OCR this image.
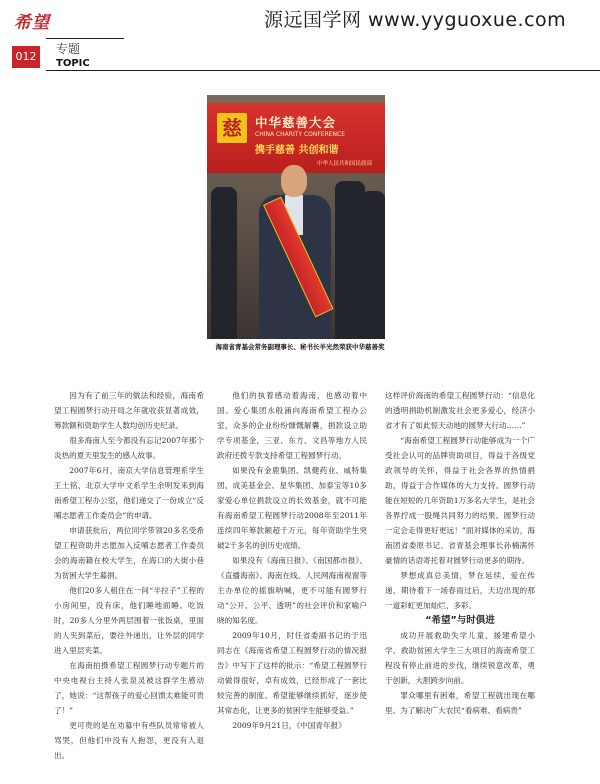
希望
012
专题
TOPIC
源远国学网 www.yyguoxue.com
慈	中华慈善大会
CHINA CHARITY CONFERENCE
携手慈善 共创和谐
中华人民共和国民政部
海南省青基会常务副理事长、秘书长羊光然荣获中华慈善奖

因为有了前三年的做法和经验，海南希望工程圆梦行动开局之年就收获显著成效，筹款额和资助学生人数均创历史纪录。

很多海南人至今都没有忘记2007年那个炎热的夏天里发生的感人故事。

2007年6月，南京大学信息管理系学生王土铭、北京大学中文系学生余明发来到海南希望工程办公室，他们递交了一份成立“反哺志愿者工作委员会”的申请。

申请获批后，两位同学带领20多名受希望工程资助并志愿加入反哺志愿者工作委员会的海南籍在校大学生，在海口的大街小巷为贫困大学生募捐。

他们20多人租住在一间“半拉子”工程的小房间里，没有床，他们睡地面睡。吃饭时，20多人分里外两层围着一张饭桌，里面的人夹到菜后，要往外递出，让外层的同学进入里层夹菜。

在海南拍摄希望工程圆梦行动专题片的中央电视台主持人张泉灵被这群学生感动了，她说：“这帮孩子的爱心回馈太难能可贵了！”

更可贵的是在劝募中有些队员常常被人骂哭，但他们中没有人抱怨，更没有人退出。

他们的执着感动着海南，也感动着中国。爱心集团永般涌向海南希望工程办公室，众多的企业纷纷慷慨解囊，捐款设立助学专项基金，三亚、东方、文昌等地方人民政府还拨专款支持希望工程圆梦行动。

如果没有金鹿集团、凯健药业、威特集团、成美基金会、星华集团、加泰宝等10多家爱心单位捐款设立的长效基金，就不可能有海南希望工程圆梦行动2008年至2011年连续四年筹款额超千万元，每年资助学生突破2千多名的创历史成绩。

如果没有《海南日报》、《南国都市报》、《直播海南》、海南在线、人民网海南视窗等主办单位的摇旗呐喊，更不可能有圆梦行动“公开、公平、透明”的社会评价和家喻户晓的知名度。

2009年10月，时任省委副书记的于迅同志在《海南省希望工程圆梦行动的情况报告》中写下了这样的批示：“希望工程圆梦行动做得很好，卓有成效，已经形成了一套比较完善的制度。希望能够继续抓好，逐步使其常态化，让更多的贫困学生能够受益。”

2009年9月21日，《中国青年报》

这样评价海南的希望工程圆梦行动：“信息化的透明捐助机制激发社会更多爱心，经济小省才有了如此惊天动地的圆梦大行动……”

“海南希望工程圆梦行动能够成为一个广受社会认可的品牌资助项目，得益于各级党政领导的关怀，得益于社会各界的热情捐助，得益于合作媒体的大力支持。圆梦行动能在短短的几年资助1万多名大学生，是社会各界拧成一股绳共同努力的结果。圆梦行动一定会走得更好更远！”面对媒体的采访，海南团省委原书记、省青基会理事长孙楠满怀豪情的话语寄托着对圆梦行动更多的期待。

梦想成真总美情，梦在延续，爱在传递，期待着下一场春雨过后，天边出现的那一道彩虹更加灿烂、多彩。

“希望”与时俱进

成功开展救助失学儿童、援建希望小学、救助贫困大学生三大项目的海南希望工程没有停止前进的步伐，继续锐意改革，勇于创新，大胆跨步向前。

罪众哪里有困难，希望工程就出现在哪里。为了解决广大农民“看病难、看病贵”
